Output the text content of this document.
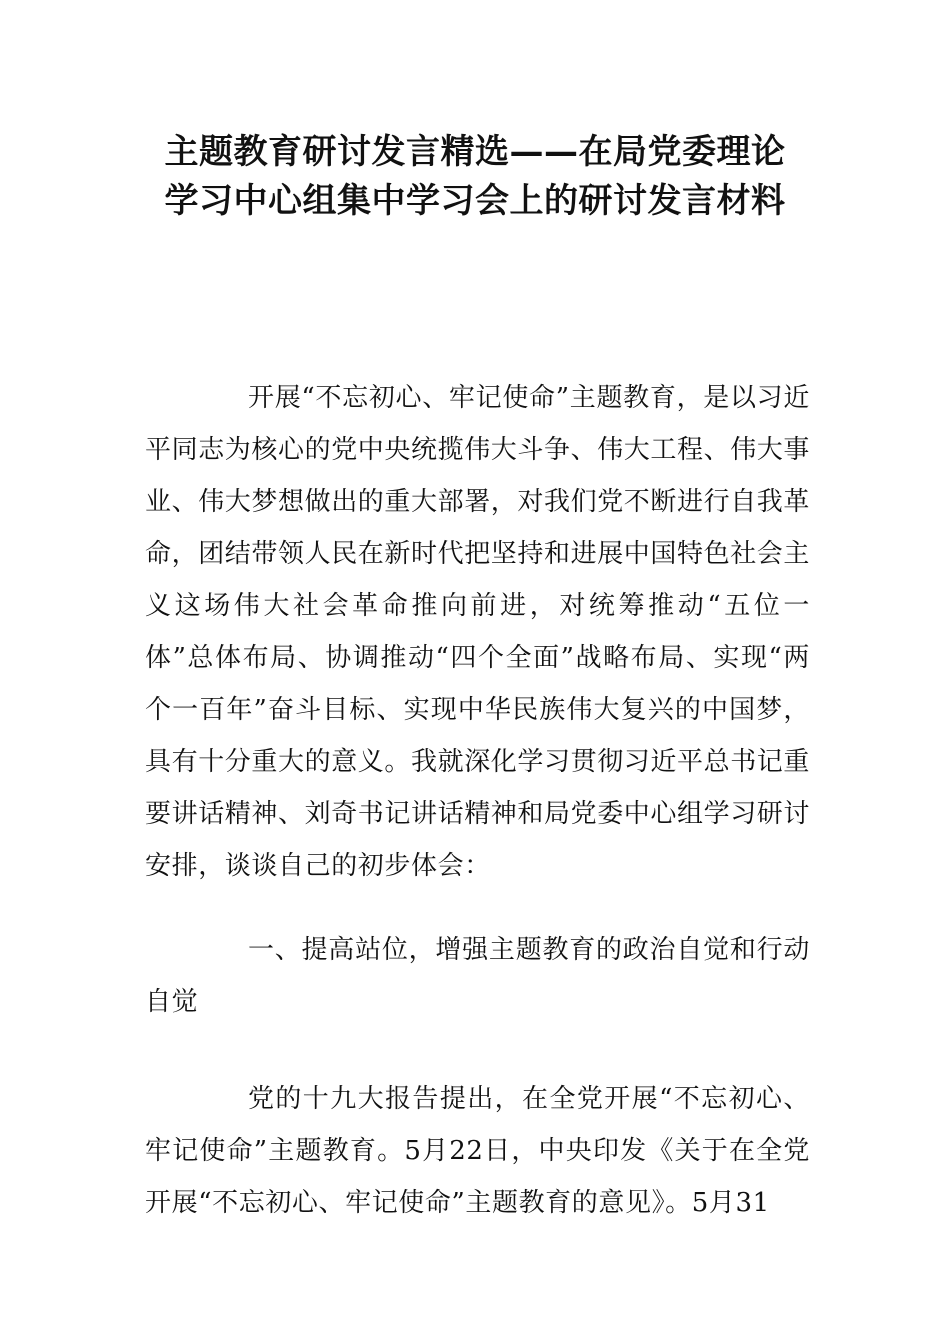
主题教育研讨发言精选——在局党委理论
学习中心组集中学习会上的研讨发言材料

开展“不忘初心、牢记使命”主题教育，是以习近平同志为核心的党中央统揽伟大斗争、伟大工程、伟大事业、伟大梦想做出的重大部署，对我们党不断进行自我革命，团结带领人民在新时代把坚持和进展中国特色社会主义这场伟大社会革命推向前进，对统筹推动“五位一体”总体布局、协调推动“四个全面”战略布局、实现“两个一百年”奋斗目标、实现中华民族伟大复兴的中国梦，具有十分重大的意义。我就深化学习贯彻习近平总书记重要讲话精神、刘奇书记讲话精神和局党委中心组学习研讨安排，谈谈自己的初步体会：

一、提高站位，增强主题教育的政治自觉和行动自觉

党的十九大报告提出，在全党开展“不忘初心、牢记使命”主题教育。5月22日，中央印发《关于在全党开展“不忘初心、牢记使命”主题教育的意见》。5月31
